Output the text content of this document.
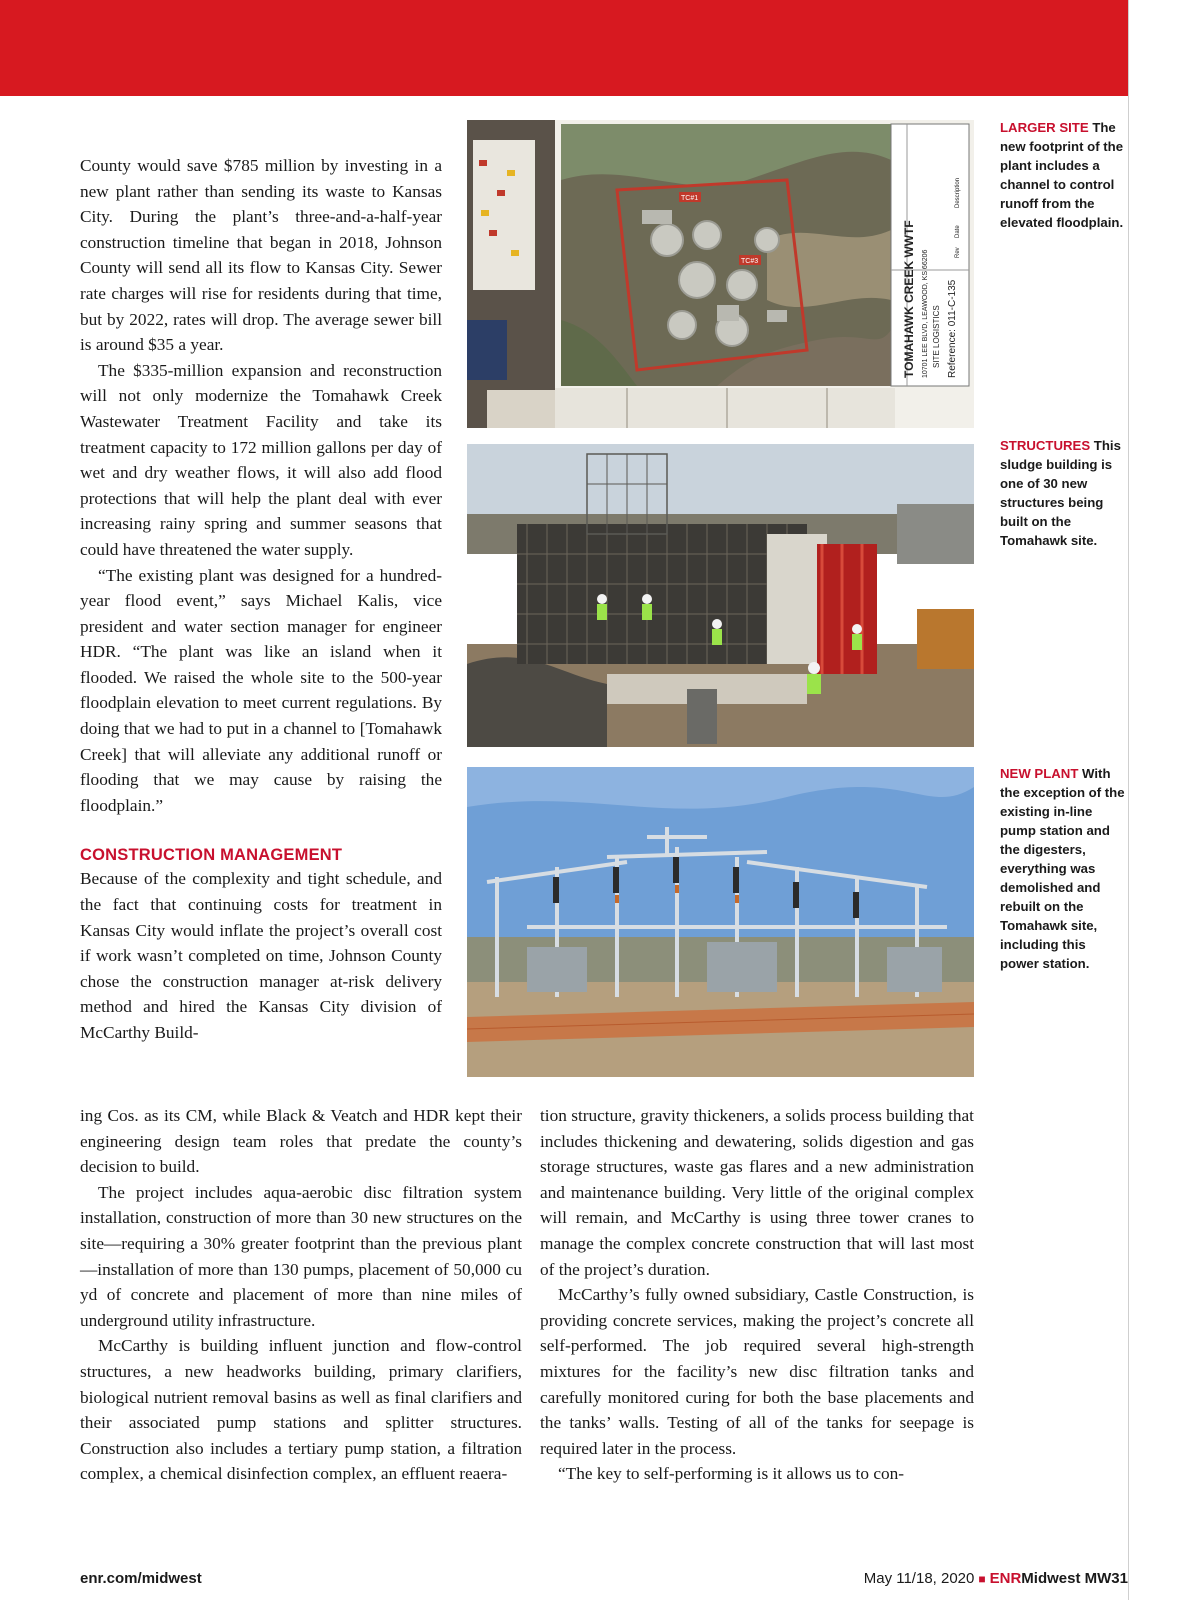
County would save $785 million by investing in a new plant rather than sending its waste to Kansas City. During the plant’s three-and-a-half-year construction timeline that began in 2018, Johnson County will send all its flow to Kansas City. Sewer rate charges will rise for residents during that time, but by 2022, rates will drop. The average sewer bill is around $35 a year.

The $335-million expansion and reconstruction will not only modernize the Tomahawk Creek Wastewater Treatment Facility and take its treatment capacity to 172 million gallons per day of wet and dry weather flows, it will also add flood protections that will help the plant deal with ever increasing rainy spring and summer seasons that could have threatened the water supply.

“The existing plant was designed for a hundred-year flood event,” says Michael Kalis, vice president and water section manager for engineer HDR. “The plant was like an island when it flooded. We raised the whole site to the 500-year floodplain elevation to meet current regulations. By doing that we had to put in a channel to [Tomahawk Creek] that will alleviate any additional runoff or flooding that we may cause by raising the floodplain.”

CONSTRUCTION MANAGEMENT

Because of the complexity and tight schedule, and the fact that continuing costs for treatment in Kansas City would inflate the project’s overall cost if work wasn’t completed on time, Johnson County chose the construction manager at-risk delivery method and hired the Kansas City division of McCarthy Build-

ing Cos. as its CM, while Black & Veatch and HDR kept their engineering design team roles that predate the county’s decision to build.

The project includes aqua-aerobic disc filtration system installation, construction of more than 30 new structures on the site—requiring a 30% greater footprint than the previous plant—installation of more than 130 pumps, placement of 50,000 cu yd of concrete and placement of more than nine miles of underground utility infrastructure.

McCarthy is building influent junction and flow-control structures, a new headworks building, primary clarifiers, biological nutrient removal basins as well as final clarifiers and their associated pump stations and splitter structures. Construction also includes a tertiary pump station, a filtration complex, a chemical disinfection complex, an effluent reaera-

tion structure, gravity thickeners, a solids process building that includes thickening and dewatering, solids digestion and gas storage structures, waste gas flares and a new administration and maintenance building. Very little of the original complex will remain, and McCarthy is using three tower cranes to manage the complex concrete construction that will last most of the project’s duration.

McCarthy’s fully owned subsidiary, Castle Construction, is providing concrete services, making the project’s concrete all self-performed. The job required several high-strength mixtures for the facility’s new disc filtration tanks and carefully monitored curing for both the base placements and the tanks’ walls. Testing of all of the tanks for seepage is required later in the process.

“The key to self-performing is it allows us to con-

TC#1
TC#3	TOMAHAWK CREEK WWTF 10701 LEE BLVD, LEAWOOD, KS 66206 SITE LOGISTICS Reference: 011-C-135
Rev
Date
Description
LARGER SITE The new footprint of the plant includes a channel to control runoff from the elevated floodplain.
STRUCTURES This sludge building is one of 30 new structures being built on the Tomahawk site.
NEW PLANT With the exception of the existing in-line pump station and the digesters, everything was demolished and rebuilt on the Tomahawk site, including this power station.
enr.com/midwest	May 11/18, 2020 ■ ENRMidwest MW31
